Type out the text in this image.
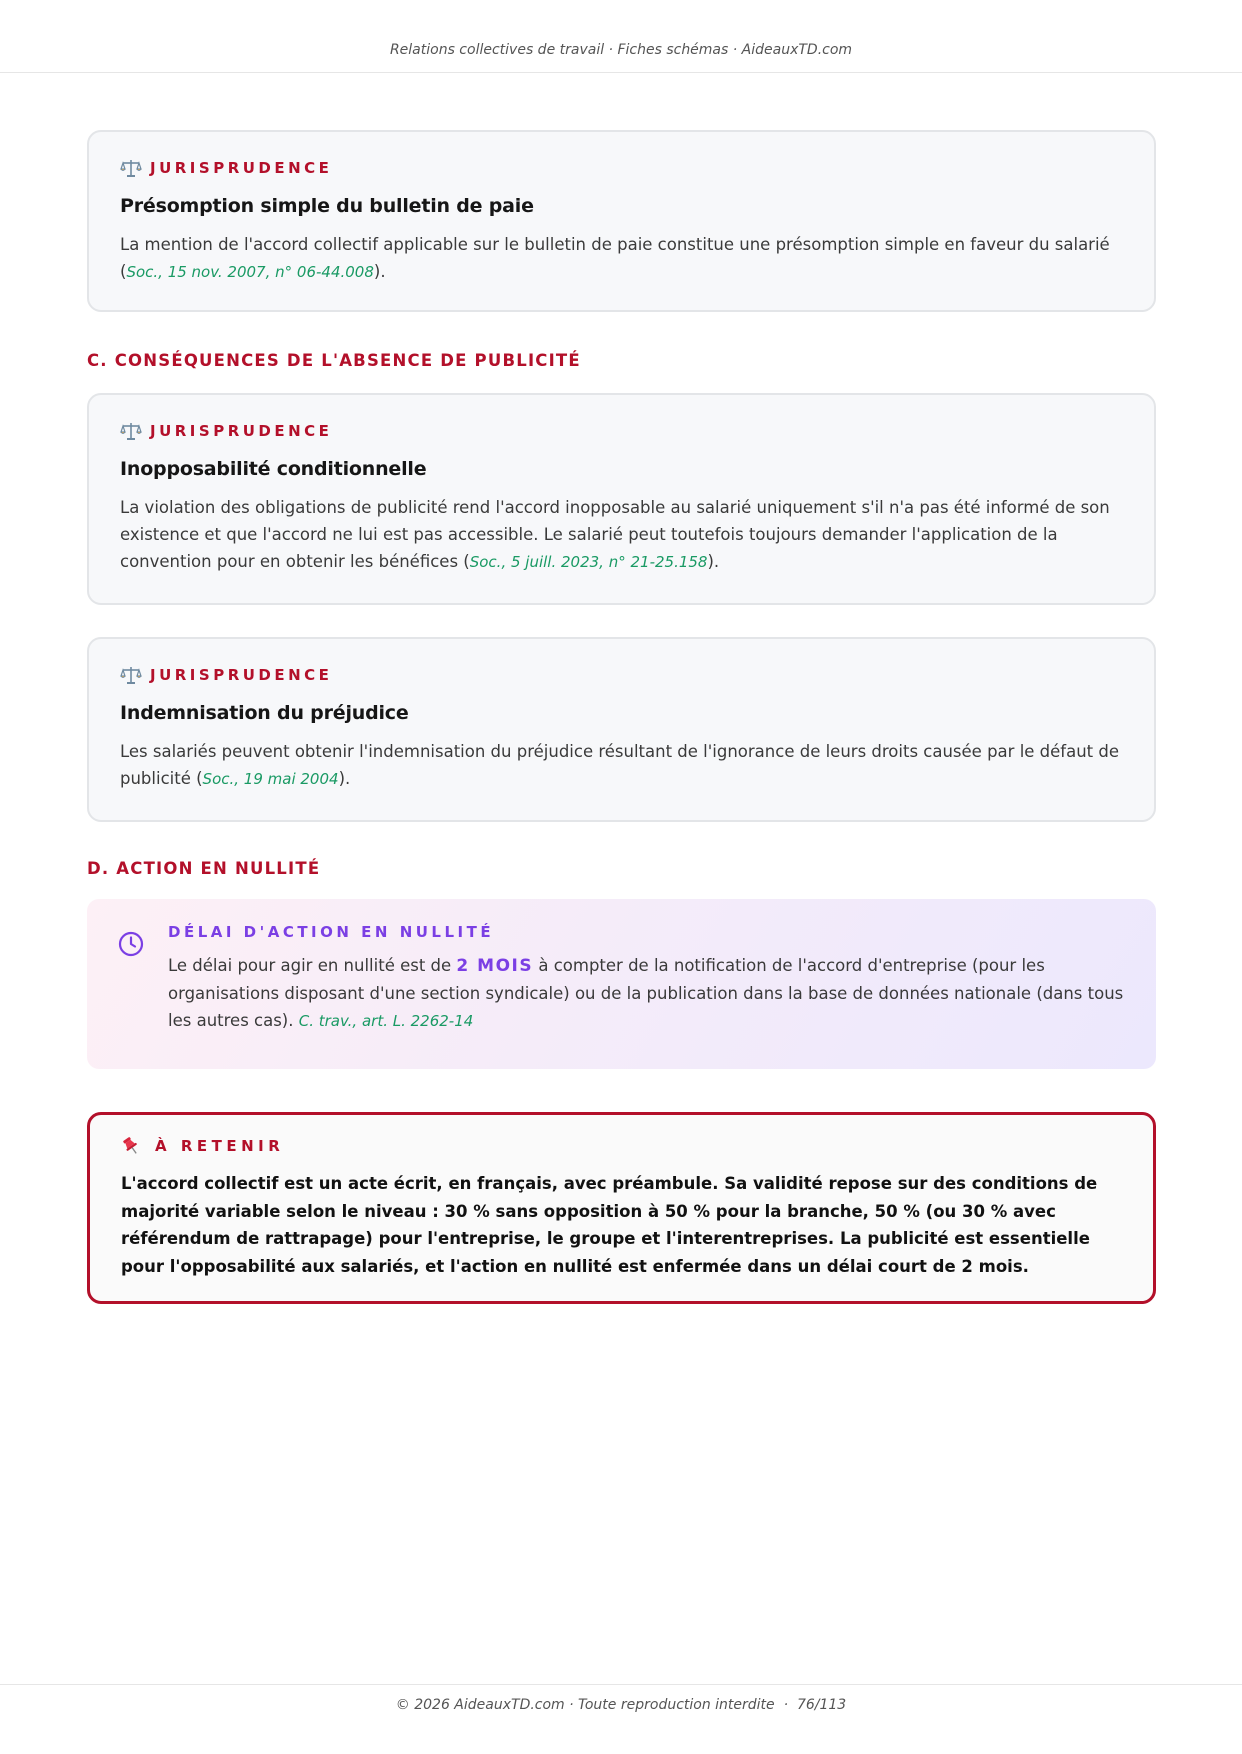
Relations collectives de travail · Fiches schémas · AideauxTD.com
JURISPRUDENCE
Présomption simple du bulletin de paie
La mention de l'accord collectif applicable sur le bulletin de paie constitue une présomption simple en faveur du salarié (Soc., 15 nov. 2007, n° 06-44.008).
C. CONSÉQUENCES DE L'ABSENCE DE PUBLICITÉ
JURISPRUDENCE
Inopposabilité conditionnelle
La violation des obligations de publicité rend l'accord inopposable au salarié uniquement s'il n'a pas été informé de son existence et que l'accord ne lui est pas accessible. Le salarié peut toutefois toujours demander l'application de la convention pour en obtenir les bénéfices (Soc., 5 juill. 2023, n° 21-25.158).
JURISPRUDENCE
Indemnisation du préjudice
Les salariés peuvent obtenir l'indemnisation du préjudice résultant de l'ignorance de leurs droits causée par le défaut de publicité (Soc., 19 mai 2004).
D. ACTION EN NULLITÉ
DÉLAI D'ACTION EN NULLITÉ
Le délai pour agir en nullité est de 2 MOIS à compter de la notification de l'accord d'entreprise (pour les organisations disposant d'une section syndicale) ou de la publication dans la base de données nationale (dans tous les autres cas). C. trav., art. L. 2262-14
À RETENIR
L'accord collectif est un acte écrit, en français, avec préambule. Sa validité repose sur des conditions de majorité variable selon le niveau : 30 % sans opposition à 50 % pour la branche, 50 % (ou 30 % avec référendum de rattrapage) pour l'entreprise, le groupe et l'interentreprises. La publicité est essentielle pour l'opposabilité aux salariés, et l'action en nullité est enfermée dans un délai court de 2 mois.
© 2026 AideauxTD.com · Toute reproduction interdite · 76/113
